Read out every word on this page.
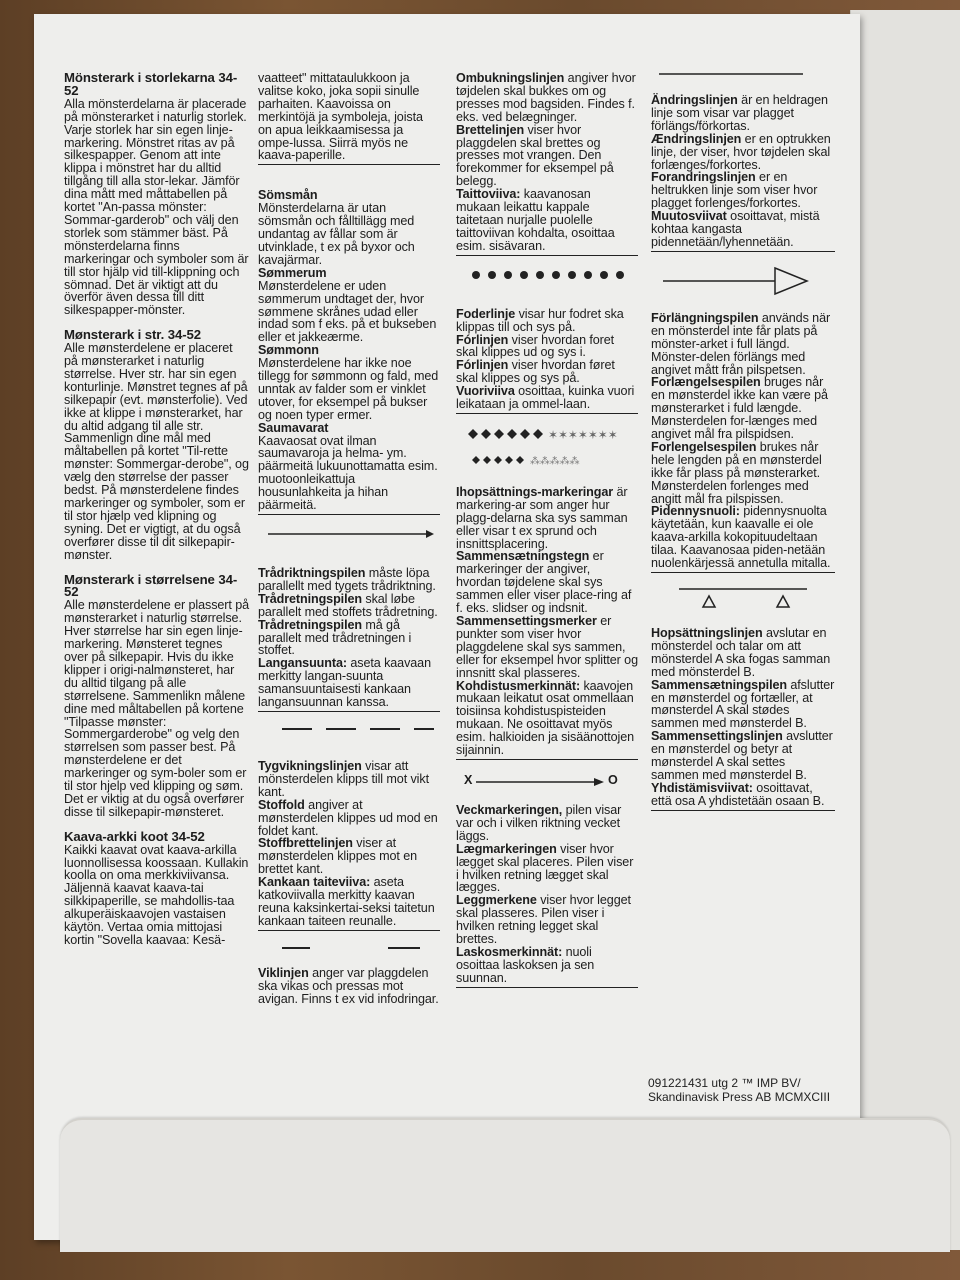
Mönsterark i storlekarna 34-52

Alla mönsterdelarna är placerade på mönsterarket i naturlig storlek. Varje storlek har sin egen linje-markering. Mönstret ritas av på silkespapper. Genom att inte klippa i mönstret har du alltid tillgång till alla stor-lekar. Jämför dina mått med måttabellen på kortet "An-passa mönster: Sommar-garderob" och välj den storlek som stämmer bäst. På mönsterdelarna finns markeringar och symboler som är till stor hjälp vid till-klippning och sömnad. Det är viktigt att du överför även dessa till ditt silkespapper-mönster.

Mønsterark i str. 34-52

Alle mønsterdelene er placeret på mønsterarket i naturlig størrelse. Hver str. har sin egen konturlinje. Mønstret tegnes af på silkepapir (evt. mønsterfolie). Ved ikke at klippe i mønsterarket, har du altid adgang til alle str. Sammenlign dine mål med måltabellen på kortet "Til-rette mønster: Sommergar-derobe", og vælg den størrelse der passer bedst. På mønsterdelene findes markeringer og symboler, som er til stor hjælp ved klipning og syning. Det er vigtigt, at du også overfører disse til dit silkepapir-mønster.

Mønsterark i størrelsene 34-52

Alle mønsterdelene er plassert på mønsterarket i naturlig størrelse. Hver størrelse har sin egen linje-markering. Mønsteret tegnes over på silkepapir. Hvis du ikke klipper i origi-nalmønsteret, har du alltid tilgang på alle størrelsene. Sammenlikn målene dine med måltabellen på kortene "Tilpasse mønster: Sommergarderobe" og velg den størrelsen som passer best. På mønsterdelene er det markeringer og sym-boler som er til stor hjelp ved klipping og søm. Det er viktig at du også overfører disse til silkepapir-mønsteret.

Kaava-arkki koot 34-52

Kaikki kaavat ovat kaava-arkilla luonnollisessa koossaan. Kullakin koolla on oma merkkiviivansa. Jäljennä kaavat kaava-tai silkkipaperille, se mahdollis-taa alkuperäiskaavojen vastaisen käytön. Vertaa omia mittojasi kortin "Sovella kaavaa: Kesä-

vaatteet" mittataulukkoon ja valitse koko, joka sopii sinulle parhaiten. Kaavoissa on merkintöjä ja symboleja, joista on apua leikkaamisessa ja ompe-lussa. Siirrä myös ne kaava-paperille.

Sömsmån

Mönsterdelarna är utan sömsmån och fålltillägg med undantag av fållar som är utvinklade, t ex på byxor och kavajärmar.

Sømmerum

Mønsterdelene er uden sømmerum undtaget der, hvor sømmene skrånes udad eller indad som f eks. på et bukseben eller et jakkeærme.

Sømmonn

Mønsterdelene har ikke noe tillegg for sømmonn og fald, med unntak av falder som er vinklet utover, for eksempel på bukser og noen typer ermer.

Saumavarat

Kaavaosat ovat ilman saumavaroja ja helma- ym. päärmeitä lukuunottamatta esim. muotoonleikattuja housunlahkeita ja hihan päärmeitä.

Trådriktningspilen måste löpa parallellt med tygets trådriktning.

Trådretningspilen skal løbe parallelt med stoffets trådretning.

Trådretningspilen må gå parallelt med trådretningen i stoffet.

Langansuunta: aseta kaavaan merkitty langan-suunta samansuuntaisesti kankaan langansuunnan kanssa.

Tygvikningslinjen visar att mönsterdelen klipps till mot vikt kant.

Stoffold angiver at mønsterdelen klippes ud mod en foldet kant.

Stoffbrettelinjen viser at mønsterdelen klippes mot en brettet kant.

Kankaan taiteviiva: aseta katkoviivalla merkitty kaavan reuna kaksinkertai-seksi taitetun kankaan taiteen reunalle.

Viklinjen anger var plaggdelen ska vikas och pressas mot avigan. Finns t ex vid infodringar.

Ombukningslinjen angiver hvor tøjdelen skal bukkes om og presses mod bagsiden. Findes f. eks. ved belægninger.

Brettelinjen viser hvor plaggdelen skal brettes og presses mot vrangen. Den forekommer for eksempel på belegg.

Taittoviiva: kaavanosan mukaan leikattu kappale taitetaan nurjalle puolelle taittoviivan kohdalta, osoittaa esim. sisävaran.

Foderlinje visar hur fodret ska klippas till och sys på.

Fórlinjen viser hvordan foret skal klippes ud og sys i.

Fórlinjen viser hvordan føret skal klippes og sys på.

Vuoriviiva osoittaa, kuinka vuori leikataan ja ommel-laan.

✶✶✶✶✶✶✶
⁂⁂⁂⁂⁂

Ihopsättnings-markeringar är markering-ar som anger hur plagg-delarna ska sys samman eller visar t ex sprund och insnittsplacering.

Sammensætningstegn er markeringer der angiver, hvordan tøjdelene skal sys sammen eller viser place-ring af f. eks. slidser og indsnit.

Sammensettingsmerker er punkter som viser hvor plaggdelene skal sys sammen, eller for eksempel hvor splitter og innsnitt skal plasseres.

Kohdistusmerkinnät: kaavojen mukaan leikatut osat ommellaan toisiinsa kohdistuspisteiden mukaan. Ne osoittavat myös esim. halkioiden ja sisäänottojen sijainnin.

X	O

Veckmarkeringen, pilen visar var och i vilken riktning vecket läggs.

Lægmarkeringen viser hvor lægget skal placeres. Pilen viser i hvilken retning lægget skal lægges.

Leggmerkene viser hvor legget skal plasseres. Pilen viser i hvilken retning legget skal brettes.

Laskosmerkinnät: nuoli osoittaa laskoksen ja sen suunnan.

Ändringslinjen är en heldragen linje som visar var plagget förlängs/förkortas.

Ændringslinjen er en optrukken linje, der viser, hvor tøjdelen skal forlænges/forkortes.

Forandringslinjen er en heltrukken linje som viser hvor plagget forlenges/forkortes.

Muutosviivat osoittavat, mistä kohtaa kangasta pidennetään/lyhennetään.

Förlängningspilen används när en mönsterdel inte får plats på mönster-arket i full längd. Mönster-delen förlängs med angivet mått från pilspetsen.

Forlængelsespilen bruges når en mønsterdel ikke kan være på mønsterarket i fuld længde. Mønsterdelen for-længes med angivet mål fra pilspidsen.

Forlengelsespilen brukes når hele lengden på en mønsterdel ikke får plass på mønsterarket. Mønsterdelen forlenges med angitt mål fra pilspissen.

Pidennysnuoli: pidennysnuolta käytetään, kun kaavalle ei ole kaava-arkilla kokopituudeltaan tilaa. Kaavanosaa piden-netään nuolenkärjessä annetulla mitalla.

Hopsättningslinjen avslutar en mönsterdel och talar om att mönsterdel A ska fogas samman med mönsterdel B.

Sammensætningspilen afslutter en mønsterdel og fortæller, at mønsterdel A skal stødes sammen med mønsterdel B.

Sammensettingslinjen avslutter en mønsterdel og betyr at mønsterdel A skal settes sammen med mønsterdel B.

Yhdistämisviivat: osoittavat, että osa A yhdistetään osaan B.

091221431 utg 2 ™ IMP BV/
Skandinavisk Press AB MCMXCIII
